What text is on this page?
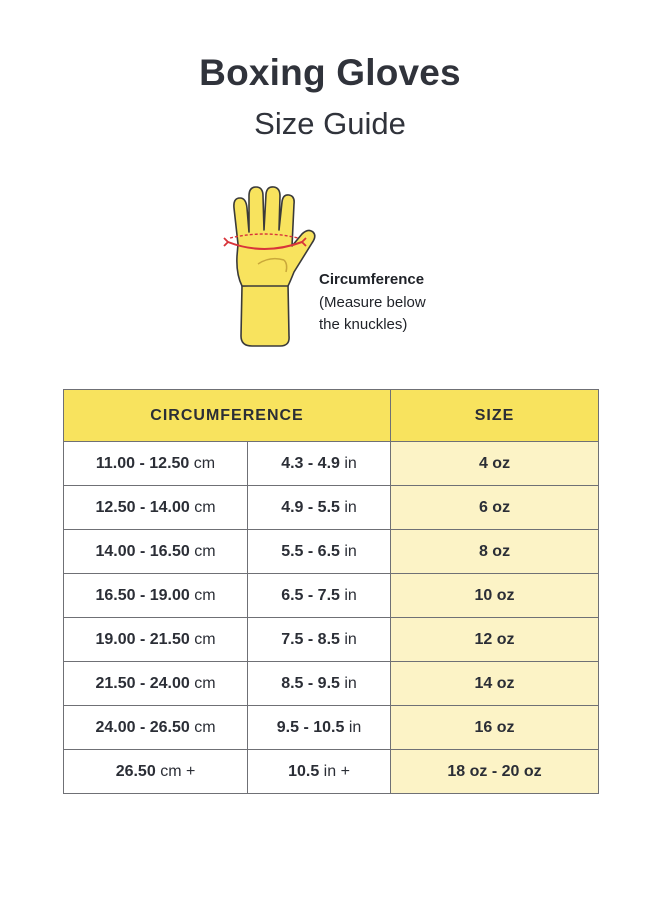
Boxing Gloves
Size Guide
Circumference
(Measure below the knuckles)
CIRCUMFERENCE		SIZE
11.00 - 12.50 cm	4.3 - 4.9 in	4 oz
12.50 - 14.00 cm	4.9 - 5.5 in	6 oz
14.00 - 16.50 cm	5.5 - 6.5 in	8 oz
16.50 - 19.00 cm	6.5 - 7.5 in	10 oz
19.00 - 21.50 cm	7.5 - 8.5 in	12 oz
21.50 - 24.00 cm	8.5 - 9.5 in	14 oz
24.00 - 26.50 cm	9.5 - 10.5 in	16 oz
26.50 cm +	10.5 in +	18 oz - 20 oz
